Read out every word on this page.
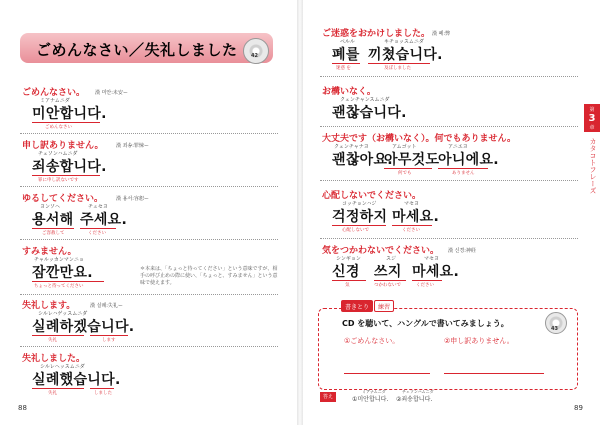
ごめんなさい／失礼しました	42
ごめんなさい。 漢 미안:未安ー
ミアナムニダ
미안합니다.
ごめんなさい
申し訳ありません。 漢 죄송:罪悚ー
チェソンハムニダ
죄송합니다.
罪に申し訳ないです
ゆるしてください。	漢 용서:容恕ー
ヨンソヘ	チュセヨ
용서해 주세요.
ご容赦して	ください
すみません。
チャルッカンマンニョ
잠깐만요.
ちょっと待ってください
＊本来は、「ちょっと待ってください」という意味ですが、相手の呼び止めの際に使い、「ちょっと、すみません」という意味で使えます。
失礼します。	漢 실례:失礼ー
シルレハゲッスムニダ
실례하겠습니다.
失礼	します
失礼しました。
シルレヘッスムニダ
실례했습니다.
失礼	しました
88
第
3
章
カタコトフレーズ
ご迷惑をおかけしました。 漢 페:弊
ペルル	キチョッスムニダ
폐를 끼쳤습니다.
迷惑 を	及ぼしました
お構いなく。
クェンチャンスムニダ
괜찮습니다.
大丈夫です（お構いなく）。何でもありません。
クェンチャナヨ	アムゴット	アニエヨ
괜찮아요.
아무것도
아니에요.
何でも	ありません
心配しないでください。
コッチョンハジ	マセヨ
걱정하지 마세요.
心配しないで	ください
気をつかわないでください。 漢 신경:神経
シンギョン	スジ	マセヨ
신경 쓰지 마세요.
気	つかわないで	ください
書きとり	練習
CD を聴いて、ハングルで書いてみましょう。
43
①ごめんなさい。	②申し訳ありません。
答え
ミアナムニダ	チェソンハムニダ
①미안합니다. ②죄송합니다.
89
